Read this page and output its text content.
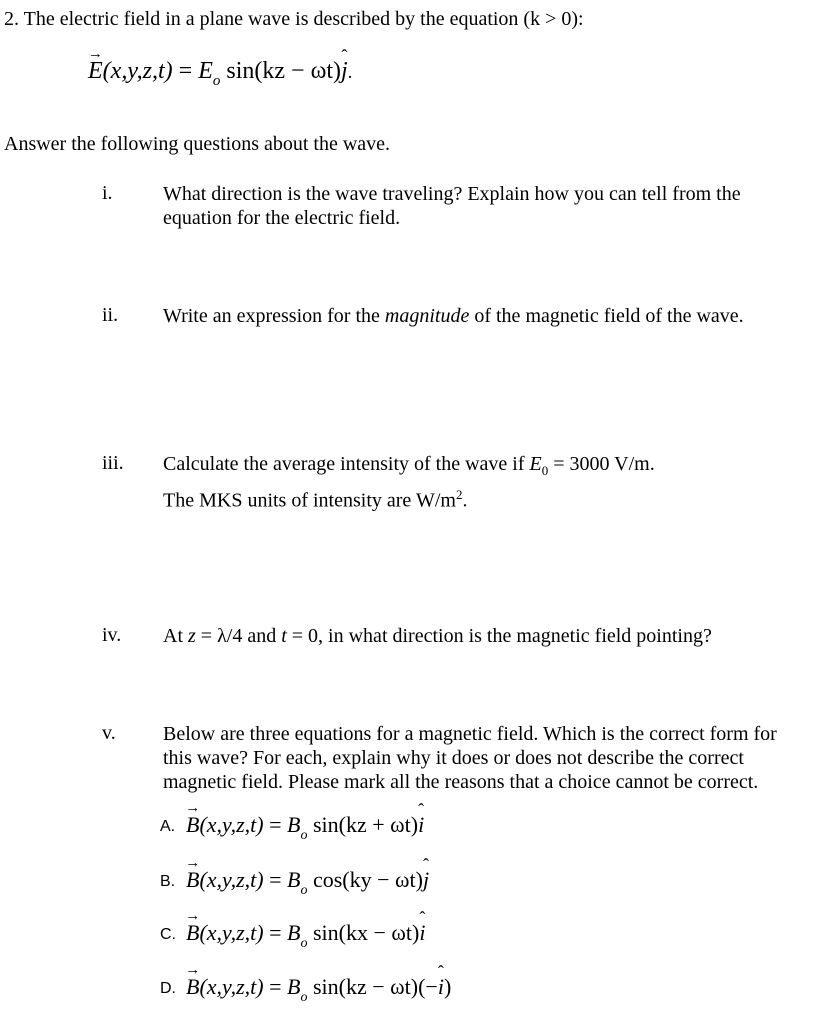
2. The electric field in a plane wave is described by the equation (k > 0):
→ $E(x,y,z,t) = E_o$ sin(kz − ωt)ˆ j.
Answer the following questions about the wave.
i.	What direction is the wave traveling? Explain how you can tell from the
equation for the electric field.
ii. Write an expression for the magnitude of the magnetic field of the wave.
iii. Calculate the average intensity of the wave if $E_0 = 3000$ V/m.
The MKS units of intensity are $W/m^2$.
iv. At z = λ/4 and t = 0, in what direction is the magnetic field pointing?
v. Below are three equations for a magnetic field. Which is the correct form for
this wave? For each, explain why it does or does not describe the correct
magnetic field. Please mark all the reasons that a choice cannot be correct.
A. → $B(x,y,z,t) = B_o$ sin(kz + ωt)ˆ i
B. → $B(x,y,z,t) = B_o$ cos(ky − ωt)ˆ j
C. → $B(x,y,z,t) = B_o$ sin(kx − ωt)ˆ i
D. → $B(x,y,z,t) = B_o$ sin(kz − ωt)(−ˆ i)
